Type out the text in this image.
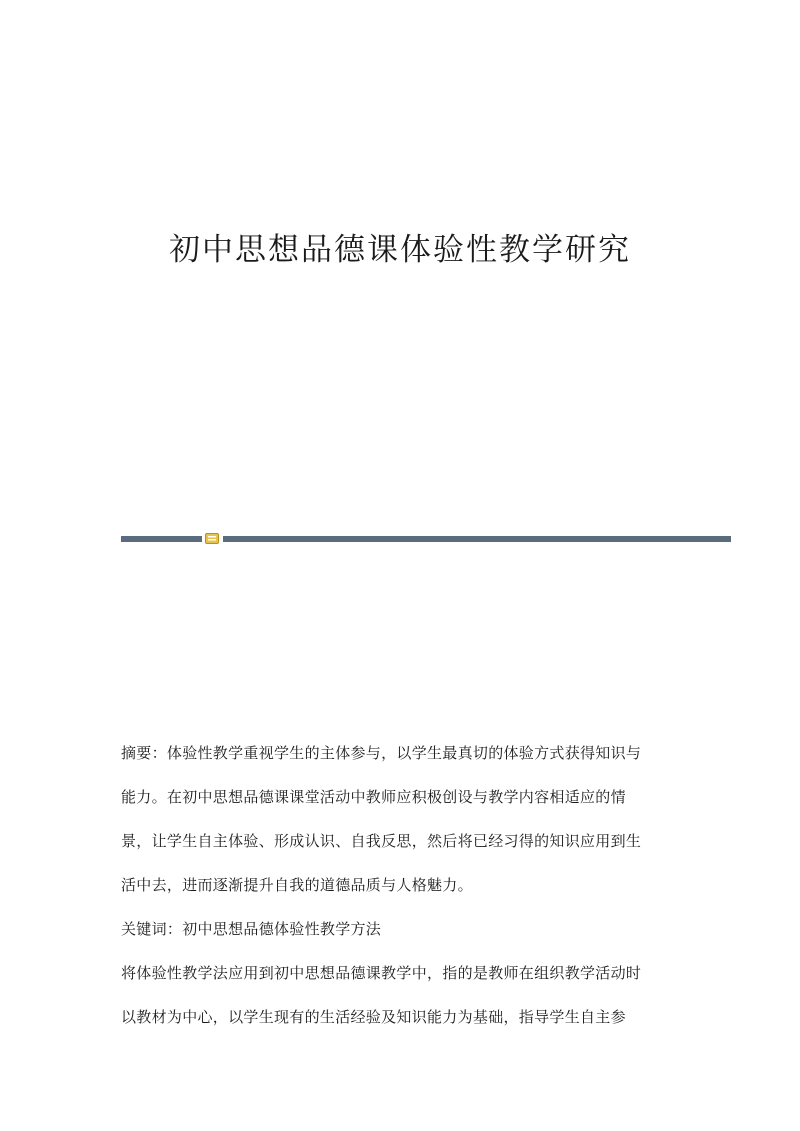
初中思想品德课体验性教学研究
摘要：体验性教学重视学生的主体参与，以学生最真切的体验方式获得知识与
能力。在初中思想品德课课堂活动中教师应积极创设与教学内容相适应的情
景，让学生自主体验、形成认识、自我反思，然后将已经习得的知识应用到生
活中去，进而逐渐提升自我的道德品质与人格魅力。
关键词：初中思想品德体验性教学方法
将体验性教学法应用到初中思想品德课教学中，指的是教师在组织教学活动时
以教材为中心，以学生现有的生活经验及知识能力为基础，指导学生自主参
